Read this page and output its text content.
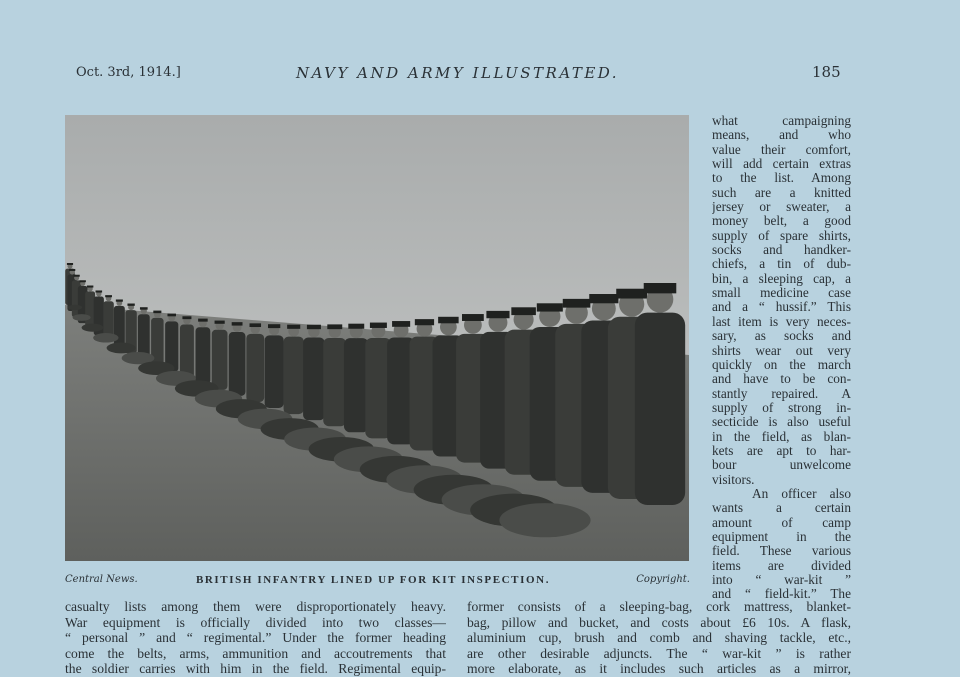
Oct. 3rd, 1914.]	NAVY AND ARMY ILLUSTRATED.	185
Central News.	BRITISH INFANTRY LINED UP FOR KIT INSPECTION.	Copyright.
what campaigning
means, and who
value their comfort,
will add certain extras
to the list. Among
such are a knitted
jersey or sweater, a
money belt, a good
supply of spare shirts,
socks and handker-
chiefs, a tin of dub-
bin, a sleeping cap, a
small medicine case
and a “ hussif.” This
last item is very neces-
sary, as socks and
shirts wear out very
quickly on the march
and have to be con-
stantly repaired. A
supply of strong in-
secticide is also useful
in the field, as blan-
kets are apt to har-
bour unwelcome
visitors.
An officer also
wants a certain
amount of camp
equipment in the
field. These various
items are divided
into “ war-kit ”
and “ field-kit.” The
casualty lists among them were disproportionately heavy.
War equipment is officially divided into two classes—
“ personal ” and “ regimental.” Under the former heading
come the belts, arms, ammunition and accoutrements that
the soldier carries with him in the field. Regimental equip-
former consists of a sleeping-bag, cork mattress, blanket-
bag, pillow and bucket, and costs about £6 10s. A flask,
aluminium cup, brush and comb and shaving tackle, etc.,
are other desirable adjuncts. The “ war-kit ” is rather
more elaborate, as it includes such articles as a mirror,
